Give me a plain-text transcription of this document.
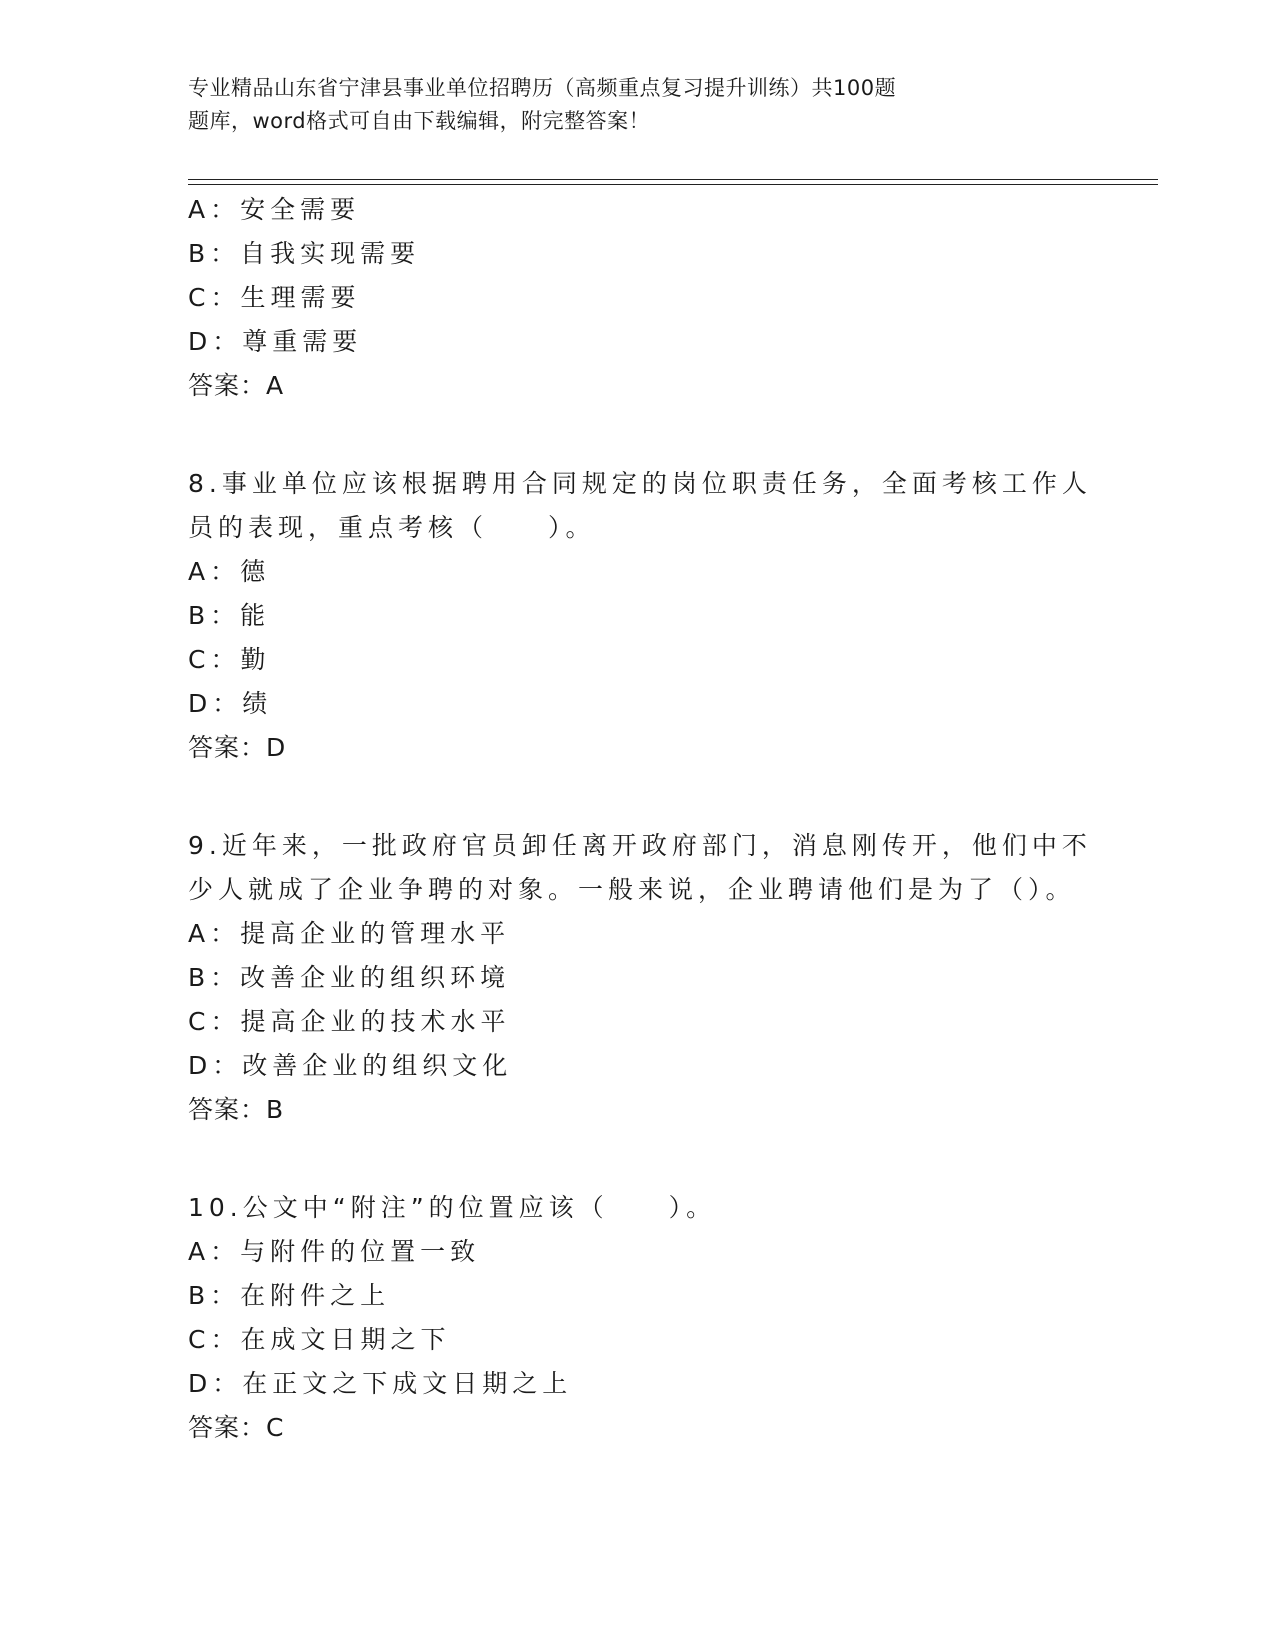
专业精品山东省宁津县事业单位招聘历（高频重点复习提升训练）共100题
题库，word格式可自由下载编辑，附完整答案！
A：安全需要
B：自我实现需要
C：生理需要
D：尊重需要
答案：A
8.事业单位应该根据聘用合同规定的岗位职责任务，全面考核工作人
员的表现，重点考核（　　）。
A：德
B：能
C：勤
D：绩
答案：D
9.近年来，一批政府官员卸任离开政府部门，消息刚传开，他们中不
少人就成了企业争聘的对象。一般来说，企业聘请他们是为了（）。
A：提高企业的管理水平
B：改善企业的组织环境
C：提高企业的技术水平
D：改善企业的组织文化
答案：B
10.公文中“附注”的位置应该（　　）。
A：与附件的位置一致
B：在附件之上
C：在成文日期之下
D：在正文之下成文日期之上
答案：C
